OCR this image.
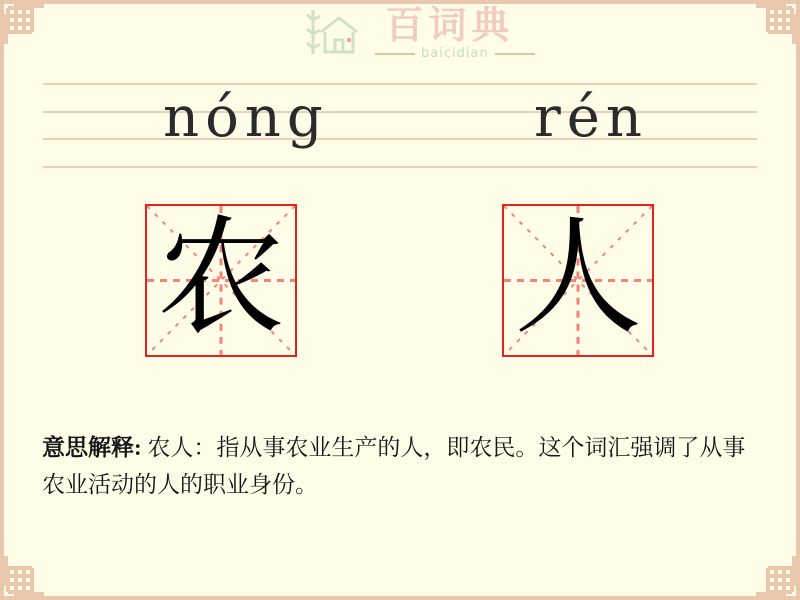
百词典
baicidian
nóng	rén
农 人

意思解释: 农人：指从事农业生产的人，即农民。这个词汇强调了从事农业活动的人的职业身份。
